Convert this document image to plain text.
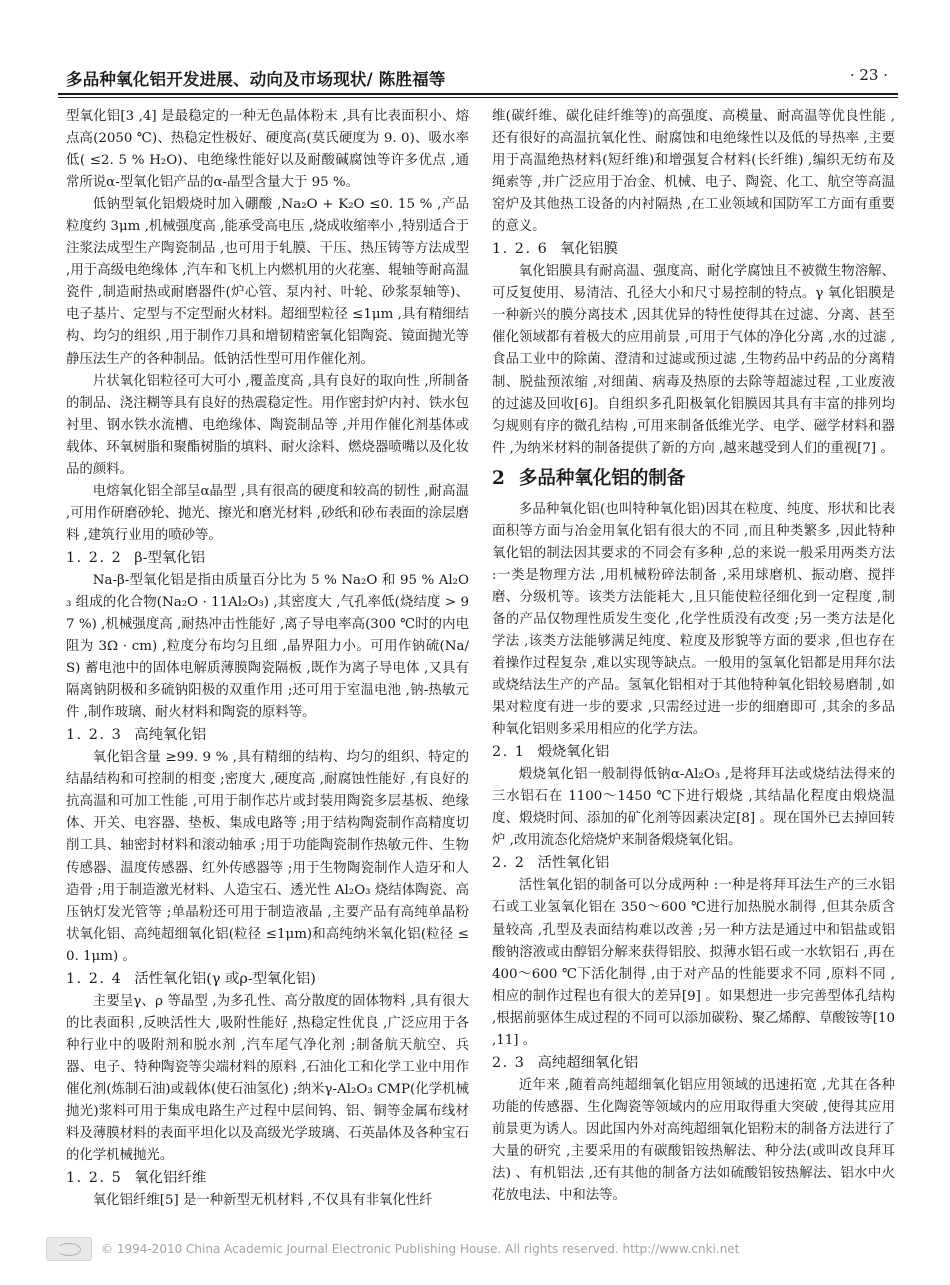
多品种氧化铝开发进展、动向及市场现状/ 陈胜福等	· 23 ·

型氧化铝[3 ,4] 是最稳定的一种无色晶体粉末 ,具有比表面积小、熔点高(2050 ℃)、热稳定性极好、硬度高(莫氏硬度为 9. 0)、吸水率低( ≤2. 5 % H₂O)、电绝缘性能好以及耐酸碱腐蚀等许多优点 ,通常所说α-型氧化铝产品的α-晶型含量大于 95 %。

低钠型氧化铝煅烧时加入硼酸 ,Na₂O + K₂O ≤0. 15 % ,产品粒度约 3μm ,机械强度高 ,能承受高电压 ,烧成收缩率小 ,特别适合于注浆法成型生产陶瓷制品 ,也可用于轧膜、干压、热压铸等方法成型 ,用于高级电绝缘体 ,汽车和飞机上内燃机用的火花塞、辊轴等耐高温瓷件 ,制造耐热或耐磨器件(炉心管、泵内衬、叶轮、砂浆泵轴等)、电子基片、定型与不定型耐火材料。超细型粒径 ≤1μm ,具有精细结构、均匀的组织 ,用于制作刀具和增韧精密氧化铝陶瓷、镜面抛光等静压法生产的各种制品。低钠活性型可用作催化剂。

片状氧化铝粒径可大可小 ,覆盖度高 ,具有良好的取向性 ,所制备的制品、浇注糊等具有良好的热震稳定性。用作密封炉内衬、铁水包衬里、钢水铁水流槽、电绝缘体、陶瓷制品等 ,并用作催化剂基体或载体、环氧树脂和聚酯树脂的填料、耐火涂料、燃烧器喷嘴以及化妆品的颜料。

电熔氧化铝全部呈α晶型 ,具有很高的硬度和较高的韧性 ,耐高温 ,可用作研磨砂轮、抛光、擦光和磨光材料 ,砂纸和砂布表面的涂层磨料 ,建筑行业用的喷砂等。

1. 2. 2 β-型氧化铝

Na-β-型氧化铝是指由质量百分比为 5 % Na₂O 和 95 % Al₂O₃ 组成的化合物(Na₂O · 11Al₂O₃) ,其密度大 ,气孔率低(烧结度 > 97 %) ,机械强度高 ,耐热冲击性能好 ,离子导电率高(300 ℃时的内电阻为 3Ω · cm) ,粒度分布均匀且细 ,晶界阻力小。可用作钠硫(Na/ S) 蓄电池中的固体电解质薄膜陶瓷隔板 ,既作为离子导电体 ,又具有隔离钠阴极和多硫钠阳极的双重作用 ;还可用于室温电池 ,钠-热敏元件 ,制作玻璃、耐火材料和陶瓷的原料等。

1. 2. 3 高纯氧化铝

氧化铝含量 ≥99. 9 % ,具有精细的结构、均匀的组织、特定的结晶结构和可控制的相变 ;密度大 ,硬度高 ,耐腐蚀性能好 ,有良好的抗高温和可加工性能 ,可用于制作芯片或封装用陶瓷多层基板、绝缘体、开关、电容器、垫板、集成电路等 ;用于结构陶瓷制作高精度切削工具、轴密封材料和滚动轴承 ;用于功能陶瓷制作热敏元件、生物传感器、温度传感器、红外传感器等 ;用于生物陶瓷制作人造牙和人造骨 ;用于制造激光材料、人造宝石、透光性 Al₂O₃ 烧结体陶瓷、高压钠灯发光管等 ;单晶粉还可用于制造液晶 ,主要产品有高纯单晶粉状氧化铝、高纯超细氧化铝(粒径 ≤1μm)和高纯纳米氧化铝(粒径 ≤0. 1μm) 。

1. 2. 4 活性氧化铝(γ 或ρ-型氧化铝)

主要呈γ、ρ 等晶型 ,为多孔性、高分散度的固体物料 ,具有很大的比表面积 ,反映活性大 ,吸附性能好 ,热稳定性优良 ,广泛应用于各种行业中的吸附剂和脱水剂 ,汽车尾气净化剂 ;制备航天航空、兵器、电子、特种陶瓷等尖端材料的原料 ,石油化工和化学工业中用作催化剂(炼制石油)或载体(使石油氢化) ;纳米γ-Al₂O₃ CMP(化学机械抛光)浆料可用于集成电路生产过程中层间钨、铝、铜等金属布线材料及薄膜材料的表面平坦化以及高级光学玻璃、石英晶体及各种宝石的化学机械抛光。

1. 2. 5 氧化铝纤维

氧化铝纤维[5] 是一种新型无机材料 ,不仅具有非氧化性纤

维(碳纤维、碳化硅纤维等)的高强度、高模量、耐高温等优良性能 ,还有很好的高温抗氧化性、耐腐蚀和电绝缘性以及低的导热率 ,主要用于高温绝热材料(短纤维)和增强复合材料(长纤维) ,编织无纺布及绳索等 ,并广泛应用于冶金、机械、电子、陶瓷、化工、航空等高温窑炉及其他热工设备的内衬隔热 ,在工业领域和国防军工方面有重要的意义。

1. 2. 6 氧化铝膜

氧化铝膜具有耐高温、强度高、耐化学腐蚀且不被微生物溶解、可反复使用、易清洁、孔径大小和尺寸易控制的特点。γ 氧化铝膜是一种新兴的膜分离技术 ,因其优异的特性使得其在过滤、分离、甚至催化领域都有着极大的应用前景 ,可用于气体的净化分离 ,水的过滤 ,食品工业中的除菌、澄清和过滤或预过滤 ,生物药品中药品的分离精制、脱盐预浓缩 ,对细菌、病毒及热原的去除等超滤过程 ,工业废液的过滤及回收[6]。自组织多孔阳极氧化铝膜因其具有丰富的排列均匀规则有序的微孔结构 ,可用来制备低维光学、电学、磁学材料和器件 ,为纳米材料的制备提供了新的方向 ,越来越受到人们的重视[7] 。

2 多品种氧化铝的制备

多品种氧化铝(也叫特种氧化铝)因其在粒度、纯度、形状和比表面积等方面与冶金用氧化铝有很大的不同 ,而且种类繁多 ,因此特种氧化铝的制法因其要求的不同会有多种 ,总的来说一般采用两类方法 :一类是物理方法 ,用机械粉碎法制备 ,采用球磨机、振动磨、搅拌磨、分级机等。该类方法能耗大 ,且只能使粒径细化到一定程度 ,制备的产品仅物理性质发生变化 ,化学性质没有改变 ;另一类方法是化学法 ,该类方法能够满足纯度、粒度及形貌等方面的要求 ,但也存在着操作过程复杂 ,难以实现等缺点。一般用的氢氧化铝都是用拜尔法或烧结法生产的产品。氢氧化铝相对于其他特种氧化铝较易磨制 ,如果对粒度有进一步的要求 ,只需经过进一步的细磨即可 ,其余的多品种氧化铝则多采用相应的化学方法。

2. 1 煅烧氧化铝

煅烧氧化铝一般制得低钠α-Al₂O₃ ,是将拜耳法或烧结法得来的三水铝石在 1100～1450 ℃下进行煅烧 ,其结晶化程度由煅烧温度、煅烧时间、添加的矿化剂等因素决定[8] 。现在国外已去掉回转炉 ,改用流态化焙烧炉来制备煅烧氧化铝。

2. 2 活性氧化铝

活性氧化铝的制备可以分成两种 :一种是将拜耳法生产的三水铝石或工业氢氧化铝在 350～600 ℃进行加热脱水制得 ,但其杂质含量较高 ,孔型及表面结构难以改善 ;另一种方法是通过中和铝盐或铝酸钠溶液或由醇铝分解来获得铝胶、拟薄水铝石或一水软铝石 ,再在 400～600 ℃下活化制得 ,由于对产品的性能要求不同 ,原料不同 ,相应的制作过程也有很大的差异[9] 。如果想进一步完善型体孔结构 ,根据前驱体生成过程的不同可以添加碳粉、聚乙烯醇、草酸铵等[10 ,11] 。

2. 3 高纯超细氧化铝

近年来 ,随着高纯超细氧化铝应用领域的迅速拓宽 ,尤其在各种功能的传感器、生化陶瓷等领域内的应用取得重大突破 ,使得其应用前景更为诱人。因此国内外对高纯超细氧化铝粉末的制备方法进行了大量的研究 ,主要采用的有碳酸铝铵热解法、种分法(或叫改良拜耳法) 、有机铝法 ,还有其他的制备方法如硫酸铝铵热解法、铝水中火花放电法、中和法等。

© 1994-2010 China Academic Journal Electronic Publishing House. All rights reserved. http://www.cnki.net
